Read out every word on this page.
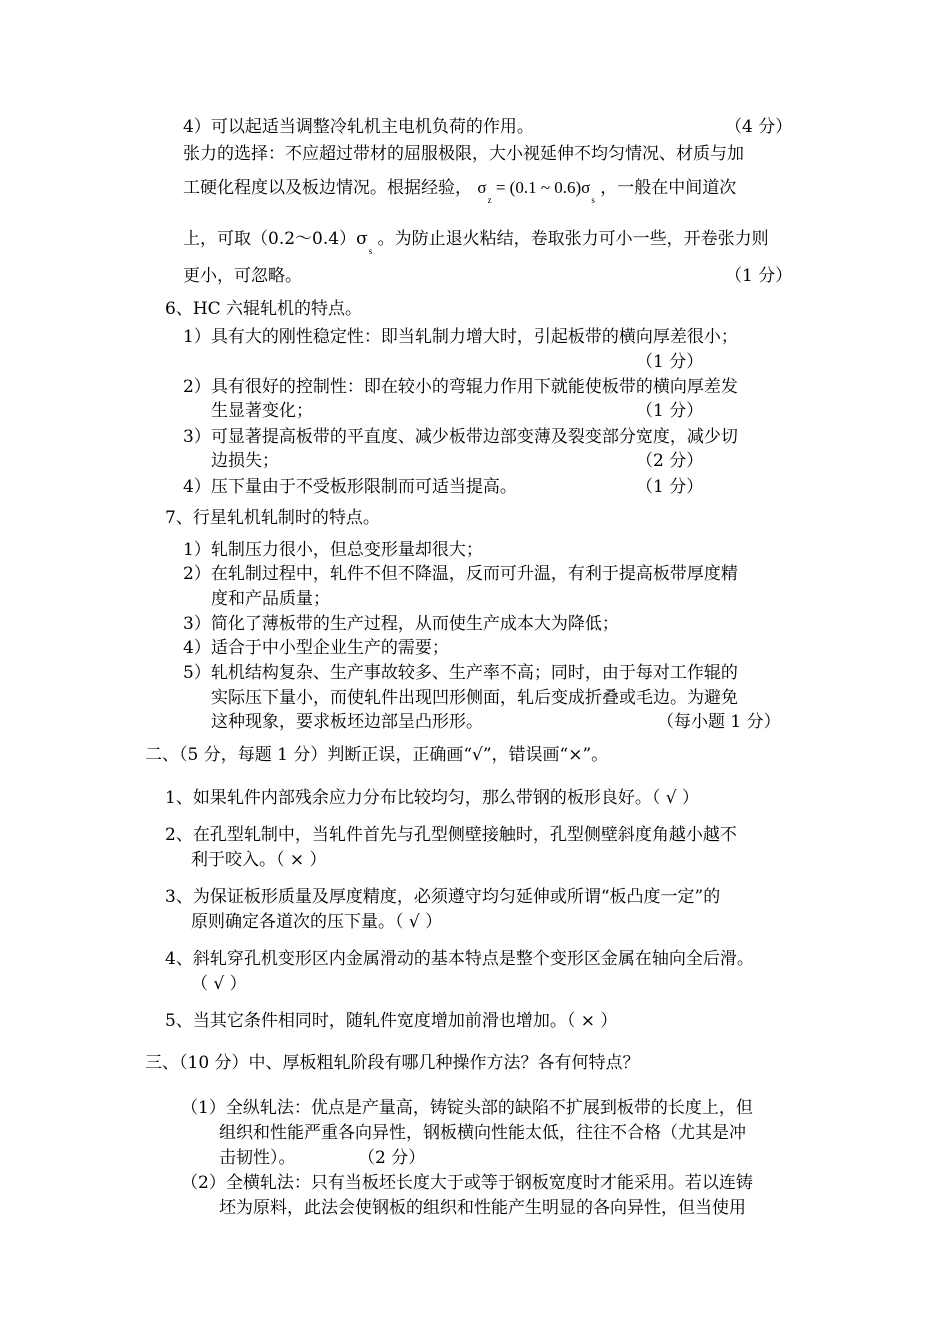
4）可以起适当调整冷轧机主电机负荷的作用。	（4 分）
张力的选择：不应超过带材的屈服极限，大小视延伸不均匀情况、材质与加
工硬化程度以及板边情况。根据经验， $\sigma_z = (0.1$ ~ $0.6)\sigma_s$ ，一般在中间道次
上，可取$(0.2\sim 0.4)\sigma_s$ 。为防止退火粘结，卷取张力可小一些，开卷张力则
更小，可忽略。	（1 分）
6、HC 六辊轧机的特点。
1）具有大的刚性稳定性：即当轧制力增大时，引起板带的横向厚差很小；
（1 分）
2）具有很好的控制性：即在较小的弯辊力作用下就能使板带的横向厚差发
生显著变化；	（1 分）
3）可显著提高板带的平直度、减少板带边部变薄及裂变部分宽度，减少切
边损失；	（2 分）
4）压下量由于不受板形限制而可适当提高。	（1 分）
7、行星轧机轧制时的特点。
1）轧制压力很小，但总变形量却很大；
2）在轧制过程中，轧件不但不降温，反而可升温，有利于提高板带厚度精
度和产品质量；
3）简化了薄板带的生产过程，从而使生产成本大为降低；
4）适合于中小型企业生产的需要；
5）轧机结构复杂、生产事故较多、生产率不高；同时，由于每对工作辊的
实际压下量小，而使轧件出现凹形侧面，轧后变成折叠或毛边。为避免
这种现象，要求板坯边部呈凸形形。	（每小题 1 分）
二、（5 分，每题 1 分）判断正误，正确画“√”，错误画“×”。
1、如果轧件内部残余应力分布比较均匀，那么带钢的板形良好。（ √ ）
2、在孔型轧制中，当轧件首先与孔型侧壁接触时，孔型侧壁斜度角越小越不
利于咬入。（ × ）
3、为保证板形质量及厚度精度，必须遵守均匀延伸或所谓“板凸度一定”的
原则确定各道次的压下量。（ √ ）
4、斜轧穿孔机变形区内金属滑动的基本特点是整个变形区金属在轴向全后滑。
（ √ ）
5、当其它条件相同时，随轧件宽度增加前滑也增加。（ × ）
三、（10 分）中、厚板粗轧阶段有哪几种操作方法？各有何特点？
（1）全纵轧法：优点是产量高，铸锭头部的缺陷不扩展到板带的长度上，但
组织和性能严重各向异性，钢板横向性能太低，往往不合格（尤其是冲
击韧性）。	（2 分）
（2）全横轧法：只有当板坯长度大于或等于钢板宽度时才能采用。若以连铸
坯为原料，此法会使钢板的组织和性能产生明显的各向异性，但当使用
